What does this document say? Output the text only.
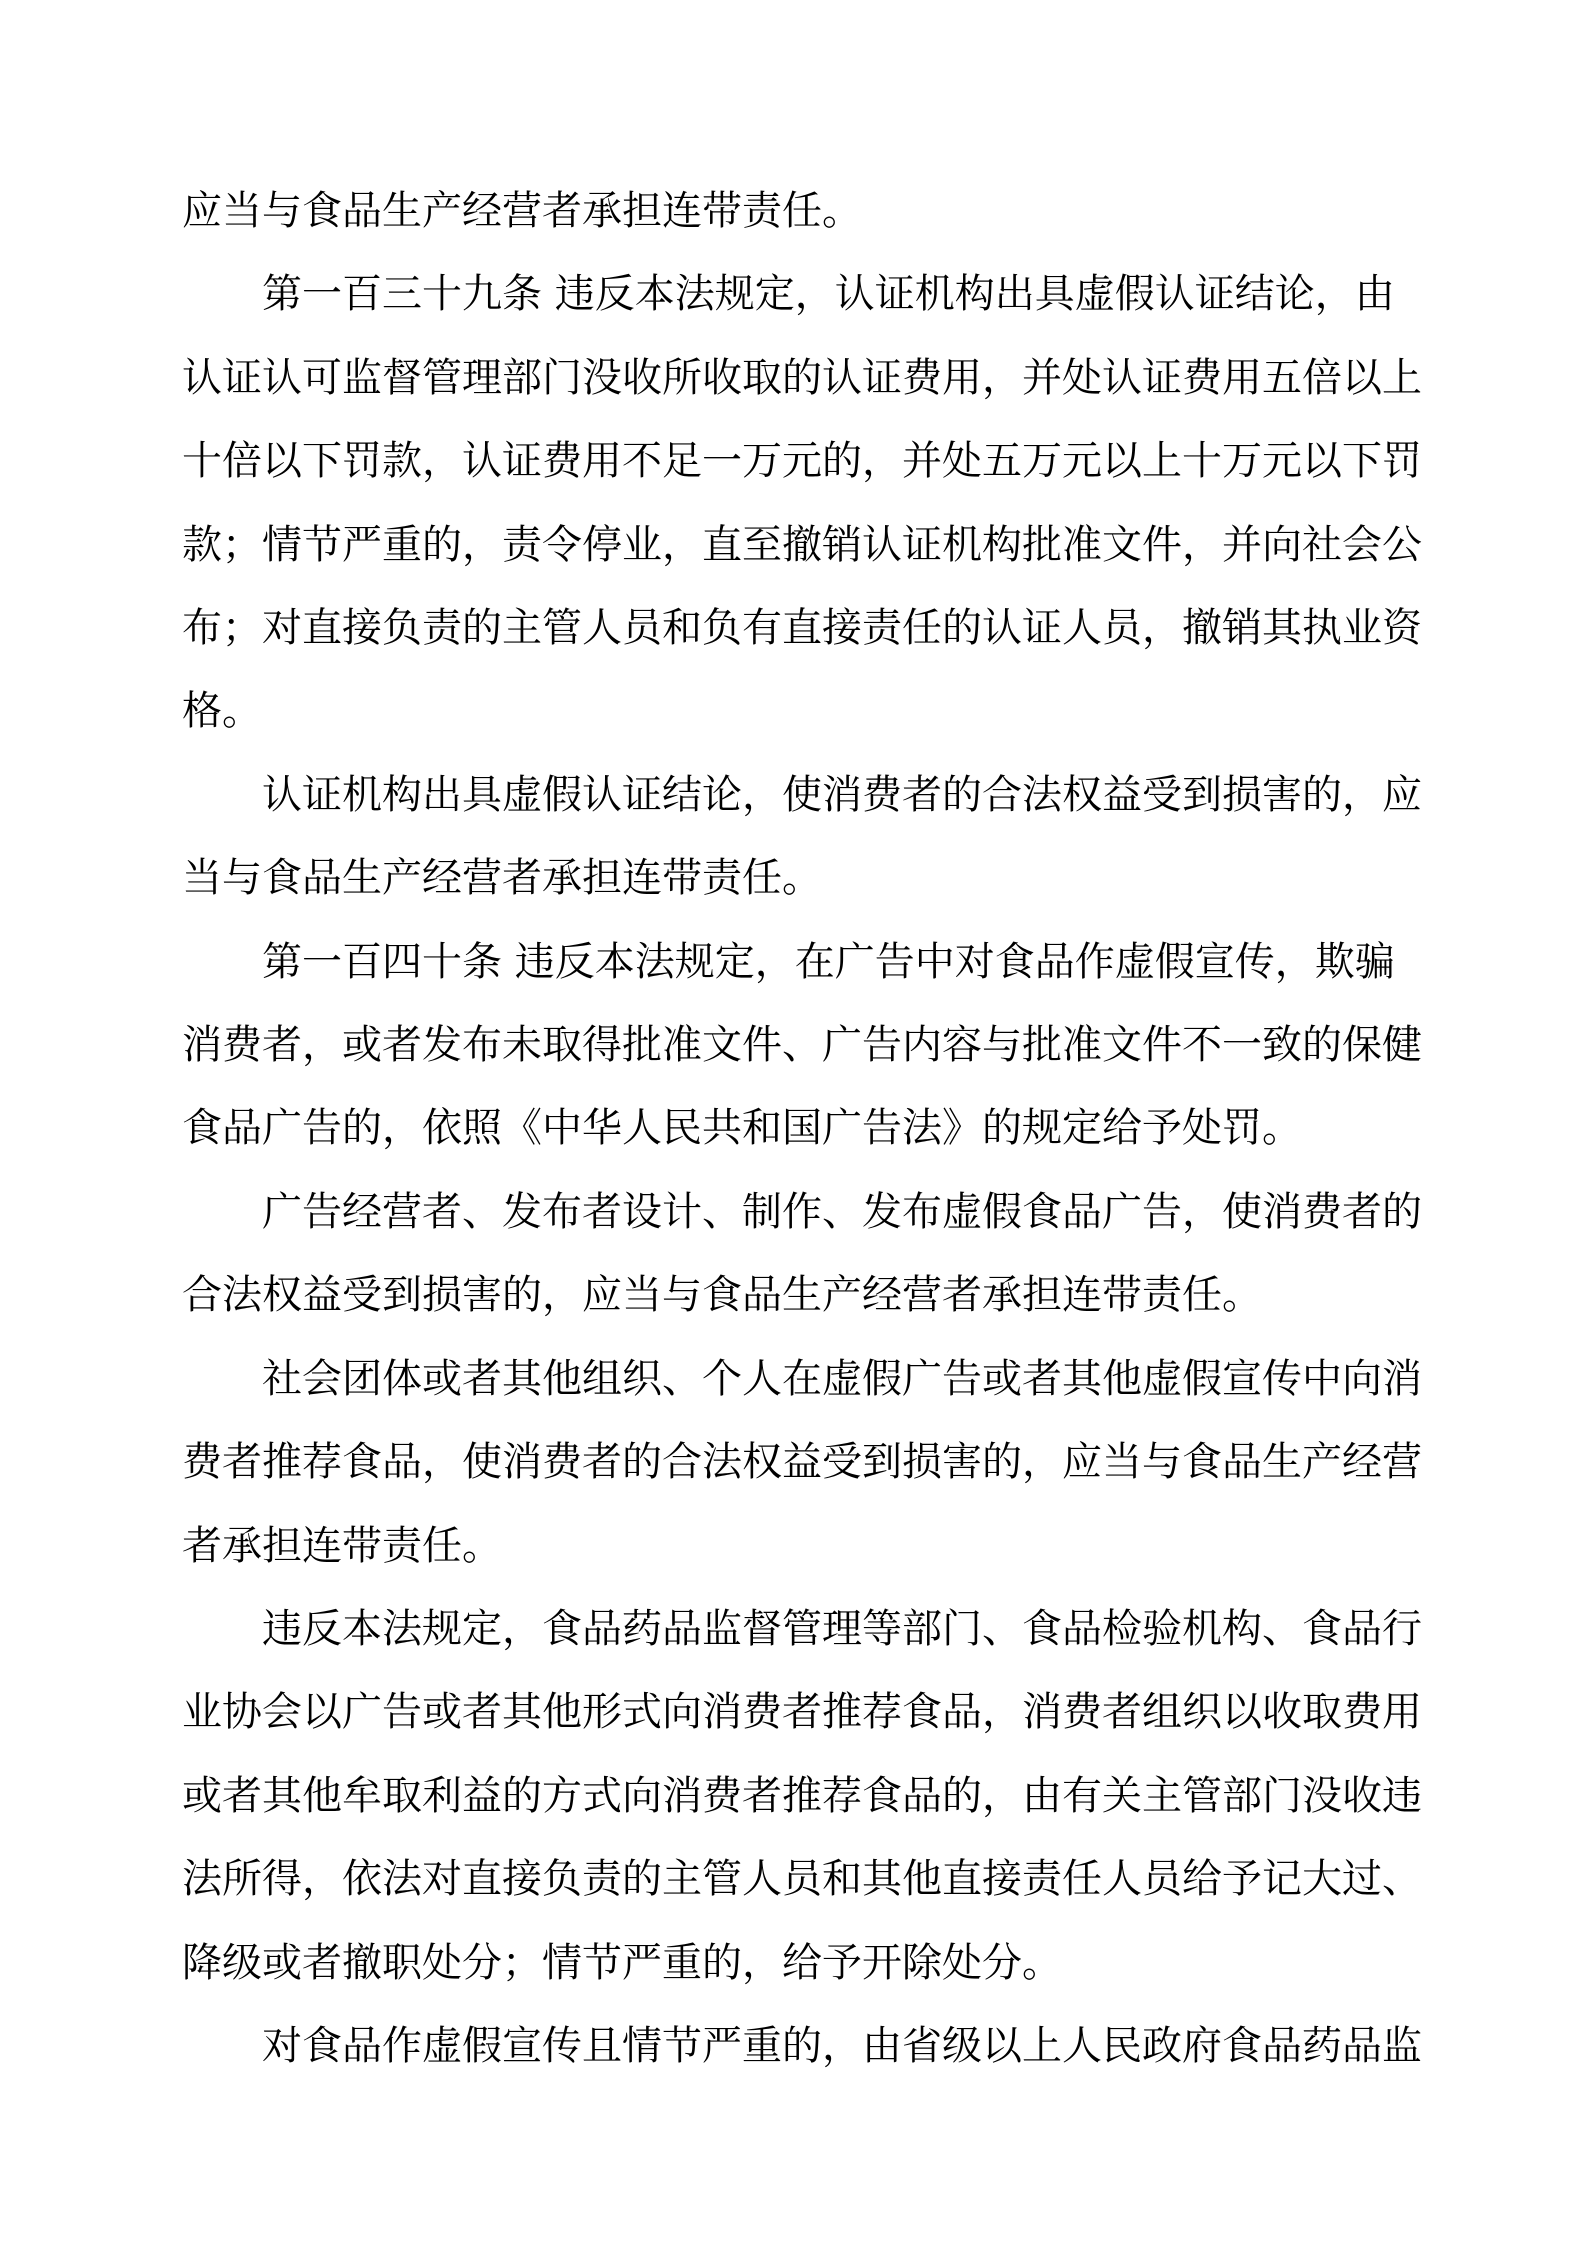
应当与食品生产经营者承担连带责任。
第一百三十九条 违反本法规定，认证机构出具虚假认证结论，由
认证认可监督管理部门没收所收取的认证费用，并处认证费用五倍以上
十倍以下罚款，认证费用不足一万元的，并处五万元以上十万元以下罚
款；情节严重的，责令停业，直至撤销认证机构批准文件，并向社会公
布；对直接负责的主管人员和负有直接责任的认证人员，撤销其执业资
格。
认证机构出具虚假认证结论，使消费者的合法权益受到损害的，应
当与食品生产经营者承担连带责任。
第一百四十条 违反本法规定，在广告中对食品作虚假宣传，欺骗
消费者，或者发布未取得批准文件、广告内容与批准文件不一致的保健
食品广告的，依照《中华人民共和国广告法》的规定给予处罚。
广告经营者、发布者设计、制作、发布虚假食品广告，使消费者的
合法权益受到损害的，应当与食品生产经营者承担连带责任。
社会团体或者其他组织、个人在虚假广告或者其他虚假宣传中向消
费者推荐食品，使消费者的合法权益受到损害的，应当与食品生产经营
者承担连带责任。
违反本法规定，食品药品监督管理等部门、食品检验机构、食品行
业协会以广告或者其他形式向消费者推荐食品，消费者组织以收取费用
或者其他牟取利益的方式向消费者推荐食品的，由有关主管部门没收违
法所得，依法对直接负责的主管人员和其他直接责任人员给予记大过、
降级或者撤职处分；情节严重的，给予开除处分。
对食品作虚假宣传且情节严重的，由省级以上人民政府食品药品监
